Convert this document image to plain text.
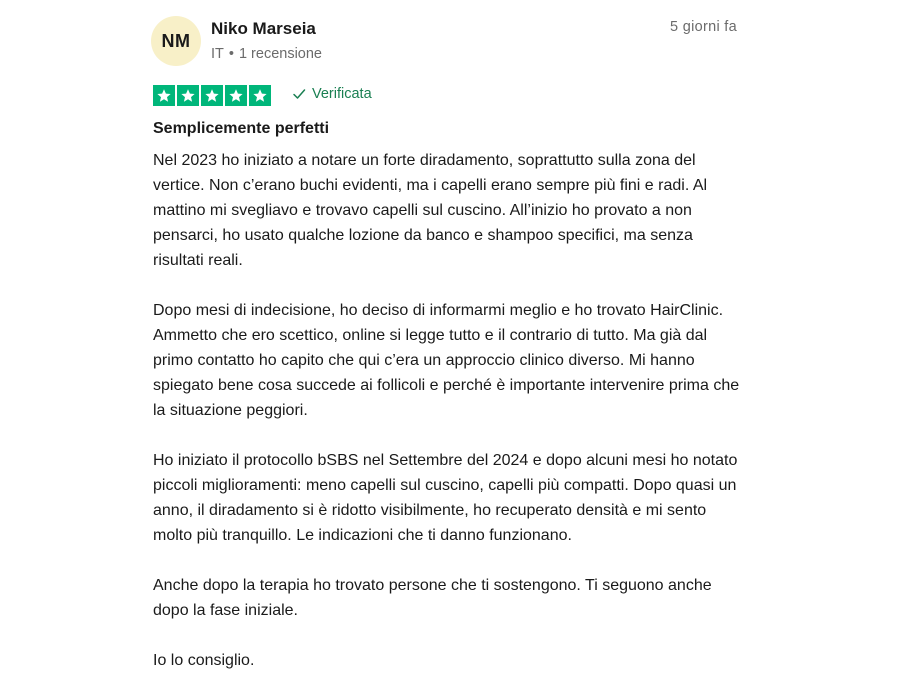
NM
Niko Marseia
IT • 1 recensione
5 giorni fa
Verificata
Semplicemente perfetti

Nel 2023 ho iniziato a notare un forte diradamento, soprattutto sulla zona del vertice. Non c’erano buchi evidenti, ma i capelli erano sempre più fini e radi. Al mattino mi svegliavo e trovavo capelli sul cuscino. All’inizio ho provato a non pensarci, ho usato qualche lozione da banco e shampoo specifici, ma senza risultati reali.

Dopo mesi di indecisione, ho deciso di informarmi meglio e ho trovato HairClinic. Ammetto che ero scettico, online si legge tutto e il contrario di tutto. Ma già dal primo contatto ho capito che qui c’era un approccio clinico diverso. Mi hanno spiegato bene cosa succede ai follicoli e perché è importante intervenire prima che la situazione peggiori.

Ho iniziato il protocollo bSBS nel Settembre del 2024 e dopo alcuni mesi ho notato piccoli miglioramenti: meno capelli sul cuscino, capelli più compatti. Dopo quasi un anno, il diradamento si è ridotto visibilmente, ho recuperato densità e mi sento molto più tranquillo. Le indicazioni che ti danno funzionano.

Anche dopo la terapia ho trovato persone che ti sostengono. Ti seguono anche dopo la fase iniziale.

Io lo consiglio.
